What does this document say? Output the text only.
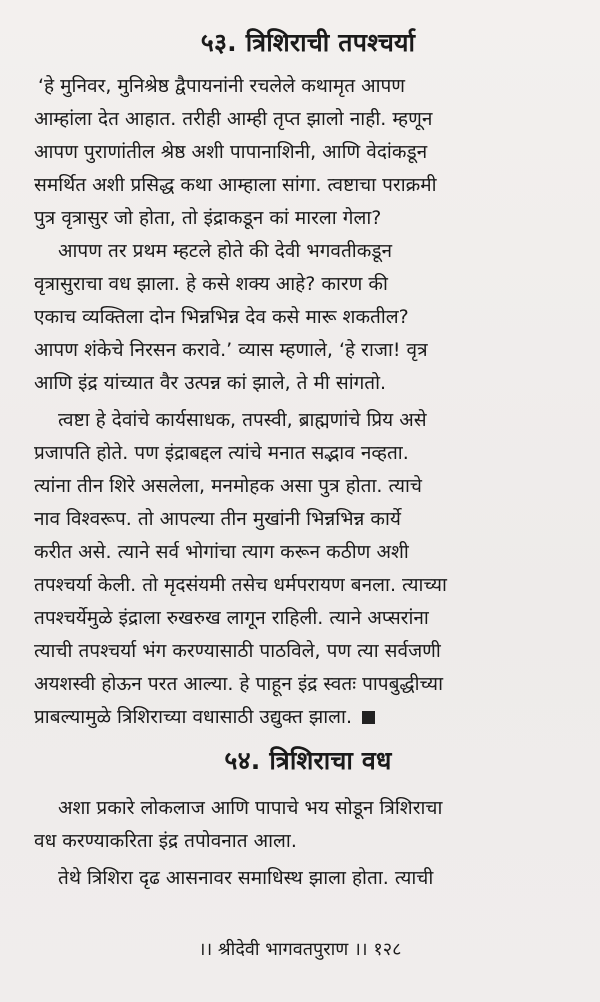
५३. त्रिशिराची तपश्चर्या

‘हे मुनिवर, मुनिश्रेष्ठ द्वैपायनांनी रचलेले कथामृत आपण
आम्हांला देत आहात. तरीही आम्ही तृप्त झालो नाही. म्हणून
आपण पुराणांतील श्रेष्ठ अशी पापानाशिनी, आणि वेदांकडून
समर्थित अशी प्रसिद्ध कथा आम्हाला सांगा. त्वष्टाचा पराक्रमी
पुत्र वृत्रासुर जो होता, तो इंद्राकडून कां मारला गेला?

आपण तर प्रथम म्हटले होते की देवी भगवतीकडून
वृत्रासुराचा वध झाला. हे कसे शक्य आहे? कारण की
एकाच व्यक्तिला दोन भिन्नभिन्न देव कसे मारू शकतील?
आपण शंकेचे निरसन करावे.’ व्यास म्हणाले, ‘हे राजा! वृत्र
आणि इंद्र यांच्यात वैर उत्पन्न कां झाले, ते मी सांगतो.

त्वष्टा हे देवांचे कार्यसाधक, तपस्वी, ब्राह्मणांचे प्रिय असे
प्रजापति होते. पण इंद्राबद्दल त्यांचे मनात सद्भाव नव्हता.
त्यांना तीन शिरे असलेला, मनमोहक असा पुत्र होता. त्याचे
नाव विश्वरूप. तो आपल्या तीन मुखांनी भिन्नभिन्न कार्ये
करीत असे. त्याने सर्व भोगांचा त्याग करून कठीण अशी
तपश्चर्या केली. तो मृदसंयमी तसेच धर्मपरायण बनला. त्याच्या
तपश्चर्येमुळे इंद्राला रुखरुख लागून राहिली. त्याने अप्सरांना
त्याची तपश्चर्या भंग करण्यासाठी पाठविले, पण त्या सर्वजणी
अयशस्वी होऊन परत आल्या. हे पाहून इंद्र स्वतः पापबुद्धीच्या
प्राबल्यामुळे त्रिशिराच्या वधासाठी उद्युक्त झाला.

५४. त्रिशिराचा वध

अशा प्रकारे लोकलाज आणि पापाचे भय सोडून त्रिशिराचा
वध करण्याकरिता इंद्र तपोवनात आला.

तेथे त्रिशिरा दृढ आसनावर समाधिस्थ झाला होता. त्याची

।। श्रीदेवी भागवतपुराण ।। १२८
